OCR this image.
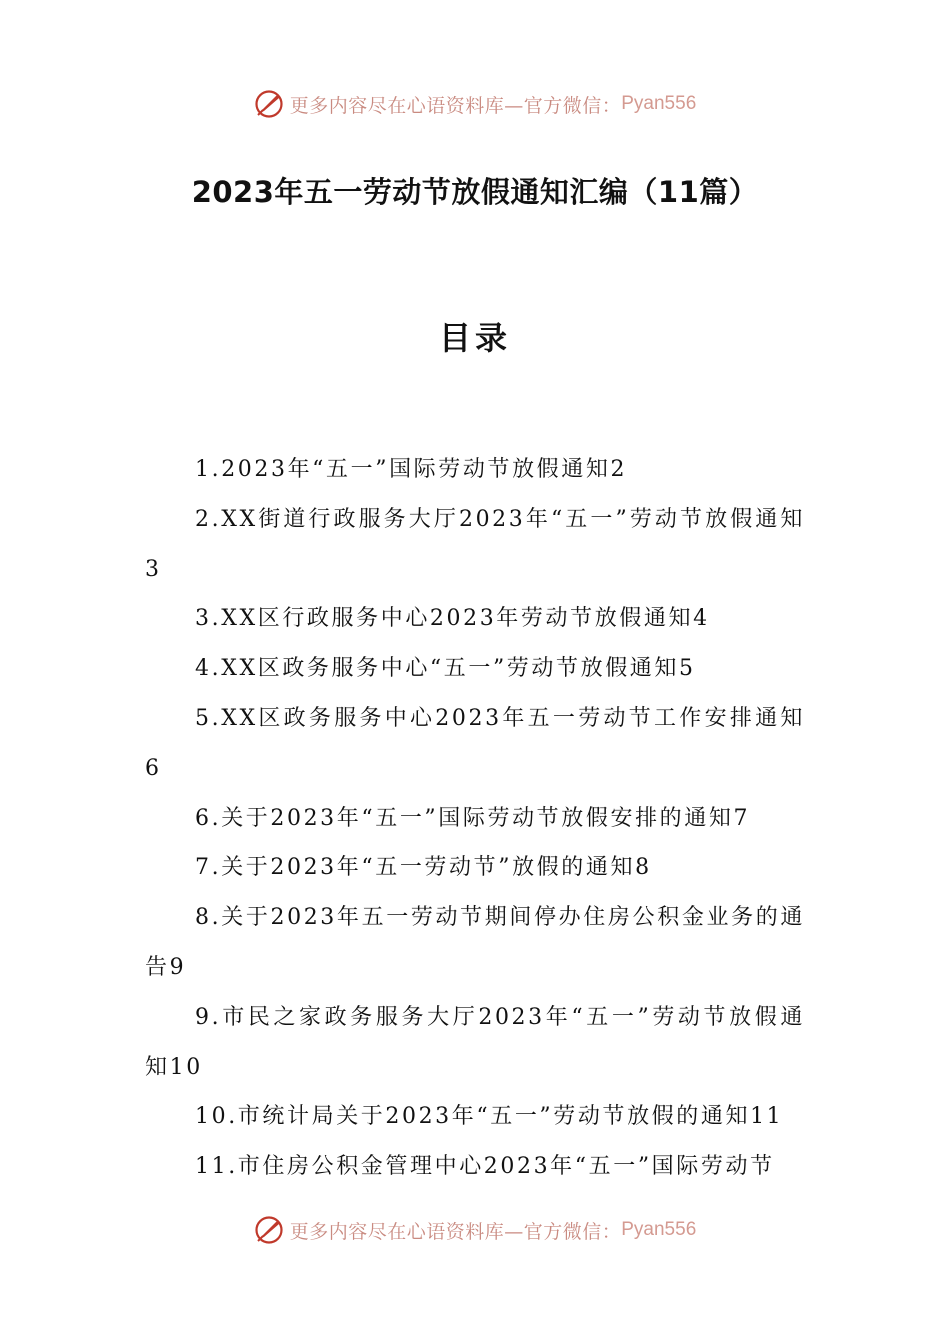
更多内容尽在心语资料库—官方微信： Pyan556
2023年五一劳动节放假通知汇编（11篇）
目录

1.2023年“五一”国际劳动节放假通知2

2.XX街道行政服务大厅2023年“五一”劳动节放假通知3

3.XX区行政服务中心2023年劳动节放假通知4

4.XX区政务服务中心“五一”劳动节放假通知5

5.XX区政务服务中心2023年五一劳动节工作安排通知6

6.关于2023年“五一”国际劳动节放假安排的通知7

7.关于2023年“五一劳动节”放假的通知8

8.关于2023年五一劳动节期间停办住房公积金业务的通告9

9.市民之家政务服务大厅2023年“五一”劳动节放假通知10

10.市统计局关于2023年“五一”劳动节放假的通知11

11.市住房公积金管理中心2023年“五一”国际劳动节

更多内容尽在心语资料库—官方微信： Pyan556
